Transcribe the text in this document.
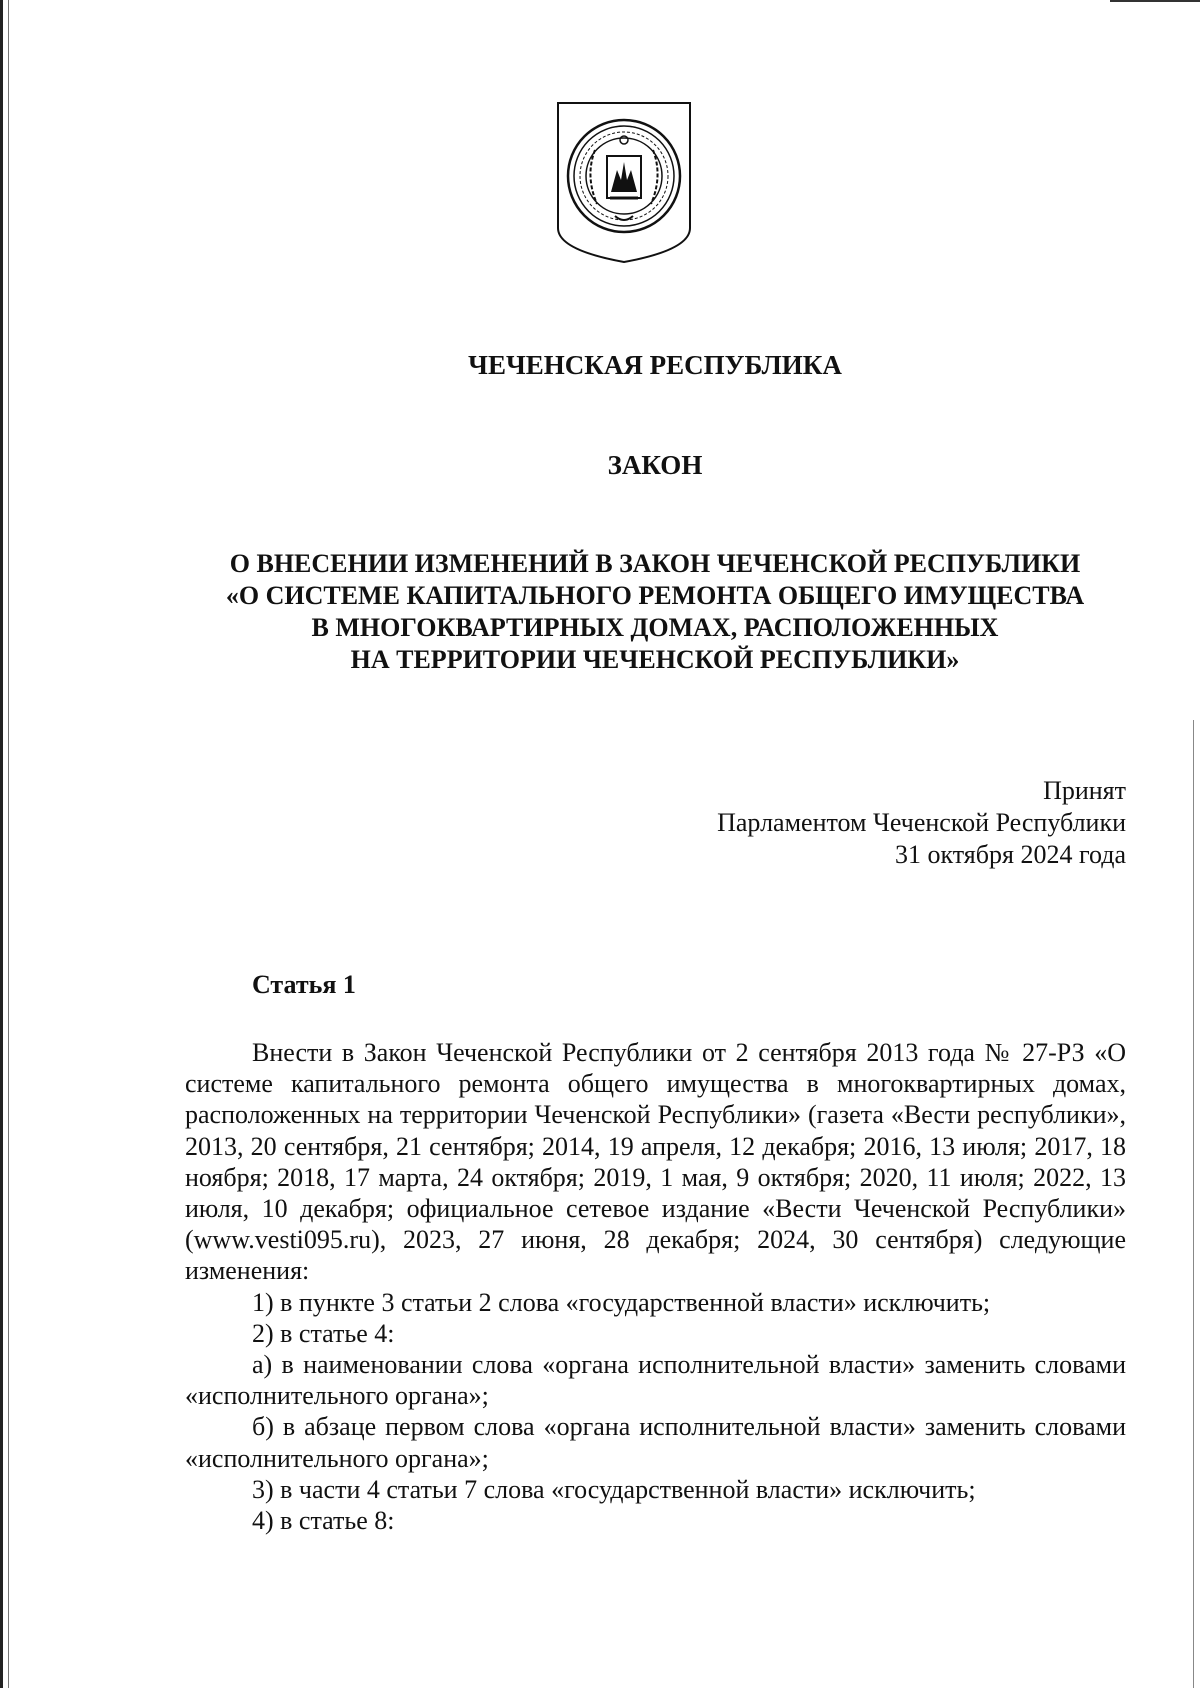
ЧЕЧЕНСКАЯ РЕСПУБЛИКА
ЗАКОН
О ВНЕСЕНИИ ИЗМЕНЕНИЙ В ЗАКОН ЧЕЧЕНСКОЙ РЕСПУБЛИКИ
«О СИСТЕМЕ КАПИТАЛЬНОГО РЕМОНТА ОБЩЕГО ИМУЩЕСТВА
В МНОГОКВАРТИРНЫХ ДОМАХ, РАСПОЛОЖЕННЫХ
НА ТЕРРИТОРИИ ЧЕЧЕНСКОЙ РЕСПУБЛИКИ»
Принят
Парламентом Чеченской Республики
31 октября 2024 года
Статья 1

Внести в Закон Чеченской Республики от 2 сентября 2013 года № 27-РЗ «О системе капитального ремонта общего имущества в многоквартирных домах, расположенных на территории Чеченской Республики» (газета «Вести республики», 2013, 20 сентября, 21 сентября; 2014, 19 апреля, 12 декабря; 2016, 13 июля; 2017, 18 ноября; 2018, 17 марта, 24 октября; 2019, 1 мая, 9 октября; 2020, 11 июля; 2022, 13 июля, 10 декабря; официальное сетевое издание «Вести Чеченской Республики» (www.vesti095.ru), 2023, 27 июня, 28 декабря; 2024, 30 сентября) следующие изменения:

1) в пункте 3 статьи 2 слова «государственной власти» исключить;

2) в статье 4:

а) в наименовании слова «органа исполнительной власти» заменить словами «исполнительного органа»;

б) в абзаце первом слова «органа исполнительной власти» заменить словами «исполнительного органа»;

3) в части 4 статьи 7 слова «государственной власти» исключить;

4) в статье 8:
